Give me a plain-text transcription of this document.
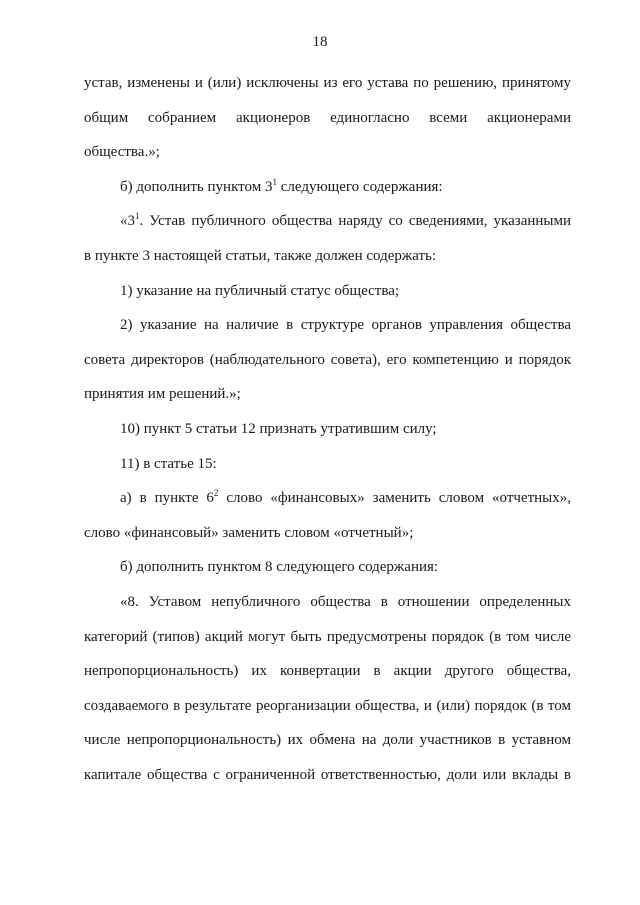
18
устав, изменены и (или) исключены из его устава по решению, принятому
общим собранием акционеров единогласно всеми акционерами
общества.»;
б) дополнить пунктом $3^1$ следующего содержания:
«$3^1$. Устав публичного общества наряду со сведениями, указанными
в пункте 3 настоящей статьи, также должен содержать:
1) указание на публичный статус общества;
2) указание на наличие в структуре органов управления общества
совета директоров (наблюдательного совета), его компетенцию и порядок
принятия им решений.»;
10) пункт 5 статьи 12 признать утратившим силу;
11) в статье 15:
а) в пункте $6^2$ слово «финансовых» заменить словом «отчетных»,
слово «финансовый» заменить словом «отчетный»;
б) дополнить пунктом 8 следующего содержания:
«8. Уставом непубличного общества в отношении определенных
категорий (типов) акций могут быть предусмотрены порядок (в том числе
непропорциональность) их конвертации в акции другого общества,
создаваемого в результате реорганизации общества, и (или) порядок (в том
числе непропорциональность) их обмена на доли участников в уставном
капитале общества с ограниченной ответственностью, доли или вклады в
